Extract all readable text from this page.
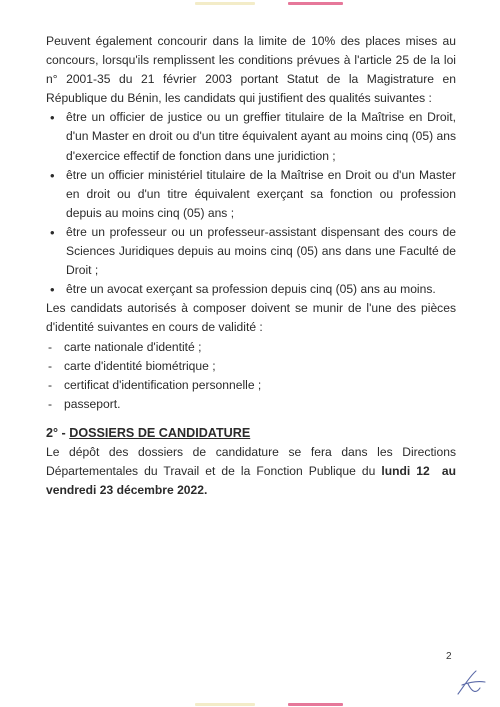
Peuvent également concourir dans la limite de 10% des places mises au concours, lorsqu'ils remplissent les conditions prévues à l'article 25 de la loi n° 2001-35 du 21 février 2003 portant Statut de la Magistrature en République du Bénin, les candidats qui justifient des qualités suivantes :

• être un officier de justice ou un greffier titulaire de la Maîtrise en Droit, d'un Master en droit ou d'un titre équivalent ayant au moins cinq (05) ans d'exercice effectif de fonction dans une juridiction ;
• être un officier ministériel titulaire de la Maîtrise en Droit ou d'un Master en droit ou d'un titre équivalent exerçant sa fonction ou profession depuis au moins cinq (05) ans ;
• être un professeur ou un professeur-assistant dispensant des cours de Sciences Juridiques depuis au moins cinq (05) ans dans une Faculté de Droit ;
• être un avocat exerçant sa profession depuis cinq (05) ans au moins.

Les candidats autorisés à composer doivent se munir de l'une des pièces d'identité suivantes en cours de validité :

- carte nationale d'identité ;
- carte d'identité biométrique ;
- certificat d'identification personnelle ;
- passeport.
2° - DOSSIERS DE CANDIDATURE

Le dépôt des dossiers de candidature se fera dans les Directions Départementales du Travail et de la Fonction Publique du lundi 12 au vendredi 23 décembre 2022.

2
